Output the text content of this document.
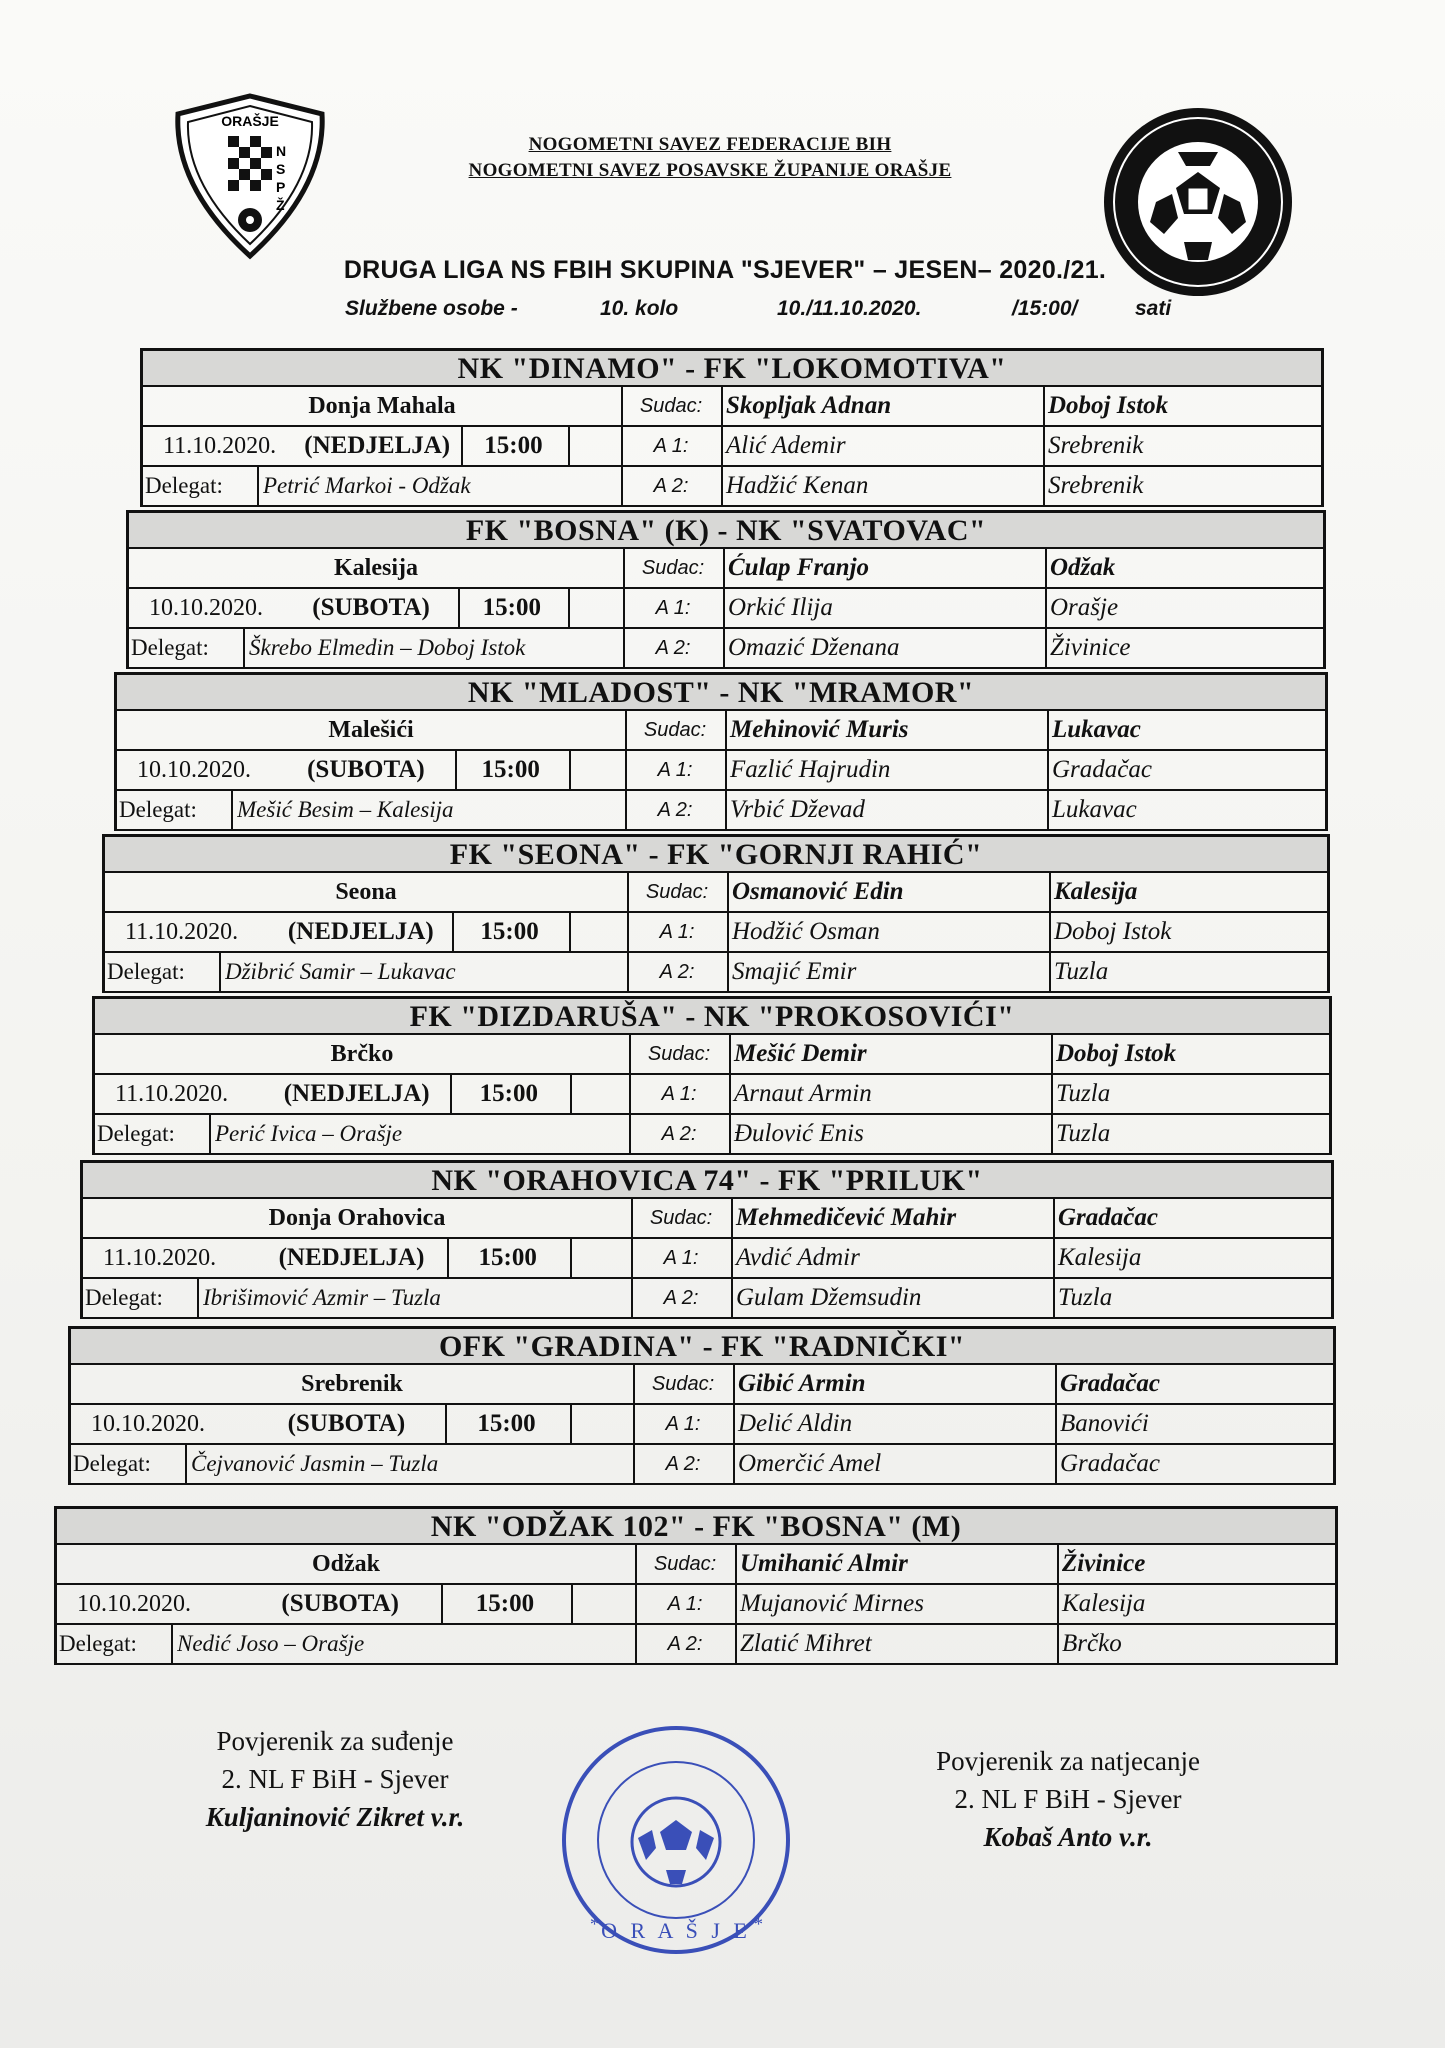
ORAŠJE
N
S
P
Ž
NOGOMETNI SAVEZ FEDERACIJE BIH
NOGOMETNI SAVEZ POSAVSKE ŽUPANIJE ORAŠJE
DRUGA LIGA NS FBIH SKUPINA "SJEVER" – JESEN– 2020./21.
Službene osobe -	10. kolo	10./11.10.2020.	/15:00/	sati
NK "DINAMO" - FK "LOKOMOTIVA"
Donja Mahala	Sudac: Skopljak Adnan	Doboj Istok
11.10.2020.	(NEDJELJA)	15:00	A 1:	Alić Ademir	Srebrenik
Delegat:	Petrić Markoi - Odžak	A 2:	Hadžić Kenan	Srebrenik
FK "BOSNA" (K) - NK "SVATOVAC"
Kalesija	Sudac: Ćulap Franjo	Odžak
10.10.2020.	(SUBOTA)	15:00	A 1:	Orkić Ilija	Orašje
Delegat:	Škrebo Elmedin – Doboj Istok	A 2:	Omazić Dženana	Živinice
NK "MLADOST" - NK "MRAMOR"
Malešići	Sudac: Mehinović Muris	Lukavac
10.10.2020.	(SUBOTA)	15:00	A 1:	Fazlić Hajrudin	Gradačac
Delegat:	Mešić Besim – Kalesija	A 2:	Vrbić Dževad	Lukavac
FK "SEONA" - FK "GORNJI RAHIĆ"
Seona	Sudac: Osmanović Edin	Kalesija
11.10.2020.	(NEDJELJA)	15:00	A 1:	Hodžić Osman	Doboj Istok
Delegat:	Džibrić Samir – Lukavac	A 2:	Smajić Emir	Tuzla
FK "DIZDARUŠA" - NK "PROKOSOVIĆI"
Brčko	Sudac: Mešić Demir	Doboj Istok
11.10.2020.	(NEDJELJA)	15:00	A 1:	Arnaut Armin	Tuzla
Delegat:	Perić Ivica – Orašje	A 2:	Đulović Enis	Tuzla
NK "ORAHOVICA 74" - FK "PRILUK"
Donja Orahovica	Sudac: Mehmedičević Mahir	Gradačac
11.10.2020.	(NEDJELJA)	15:00	A 1:	Avdić Admir	Kalesija
Delegat:	Ibrišimović Azmir – Tuzla	A 2:	Gulam Džemsudin	Tuzla
OFK "GRADINA" - FK "RADNIČKI"
Srebrenik	Sudac: Gibić Armin	Gradačac
10.10.2020.	(SUBOTA)	15:00	A 1:	Delić Aldin	Banovići
Delegat:	Čejvanović Jasmin – Tuzla	A 2:	Omerčić Amel	Gradačac
NK "ODŽAK 102" - FK "BOSNA" (M)
Odžak	Sudac: Umihanić Almir	Živinice
10.10.2020.	(SUBOTA)	15:00	A 1:	Mujanović Mirnes	Kalesija
Delegat:	Nedić Joso – Orašje	A 2:	Zlatić Mihret	Brčko
Povjerenik za suđenje
2. NL F BiH - Sjever
Kuljaninović Zikret v.r.
O R A Š J E
*	*
Povjerenik za natjecanje
2. NL F BiH - Sjever
Kobaš Anto v.r.
